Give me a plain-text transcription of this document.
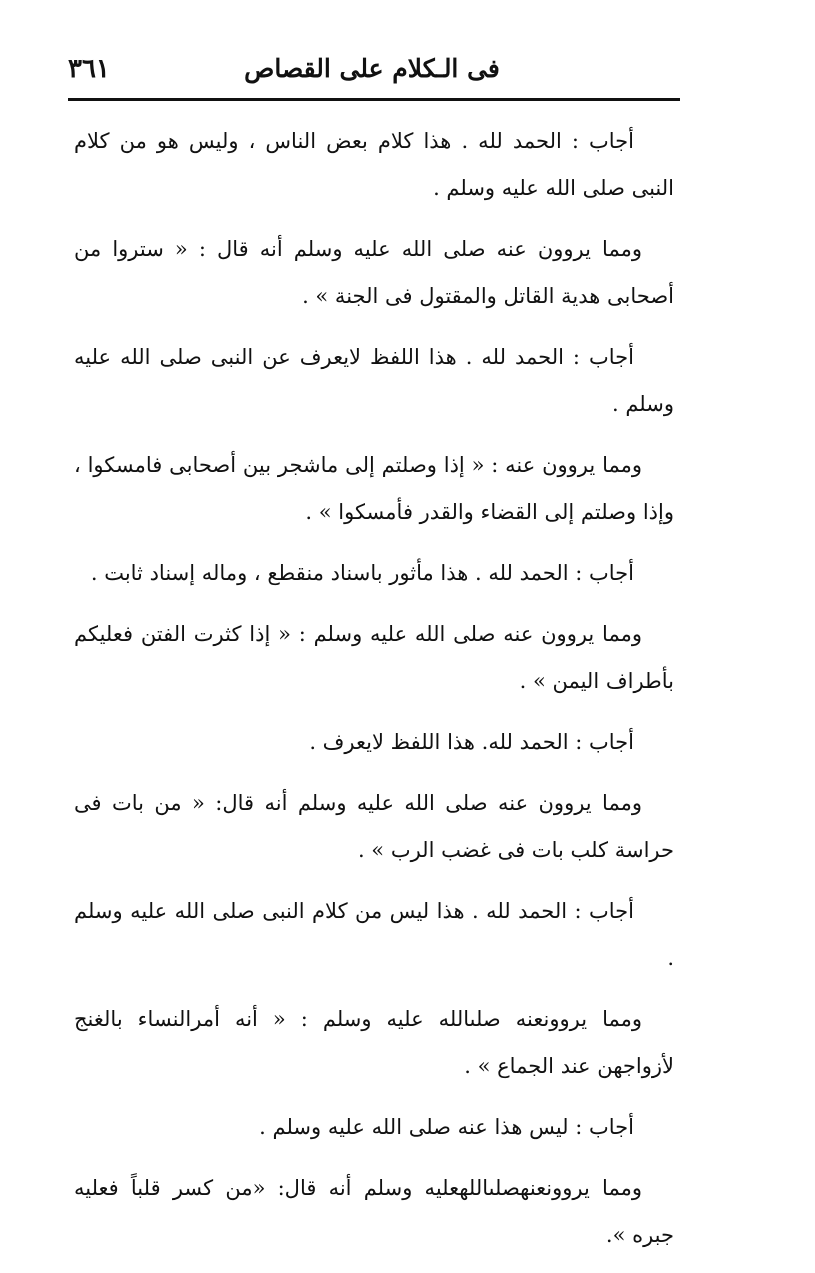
٣٦١	فى الـكلام على القصاص

أجاب : الحمد لله . هذا كلام بعض الناس ، وليس هو من كلام النبى صلى الله عليه وسلم .

ومما يروون عنه صلى الله عليه وسلم أنه قال : « ستروا من أصحابى هدية القاتل والمقتول فى الجنة » .

أجاب : الحمد لله . هذا اللفظ لايعرف عن النبى صلى الله عليه وسلم .

ومما يروون عنه : « إذا وصلتم إلى ماشجر بين أصحابى فامسكوا ، وإذا وصلتم إلى القضاء والقدر فأمسكوا » .

أجاب : الحمد لله . هذا مأثور باسناد منقطع ، وماله إسناد ثابت .

ومما يروون عنه صلى الله عليه وسلم : « إذا كثرت الفتن فعليكم بأطراف اليمن » .

أجاب : الحمد لله. هذا اللفظ لايعرف .

ومما يروون عنه صلى الله عليه وسلم أنه قال: « من بات فى حراسة كلب بات فى غضب الرب » .

أجاب : الحمد لله . هذا ليس من كلام النبى صلى الله عليه وسلم .

ومما يروونعنه صلىالله عليه وسلم : « أنه أمرالنساء بالغنج لأزواجهن عند الجماع » .

أجاب : ليس هذا عنه صلى الله عليه وسلم .

ومما يروونعنهصلىاللهعليه وسلم أنه قال: «من كسر قلباً فعليه جبره ».
